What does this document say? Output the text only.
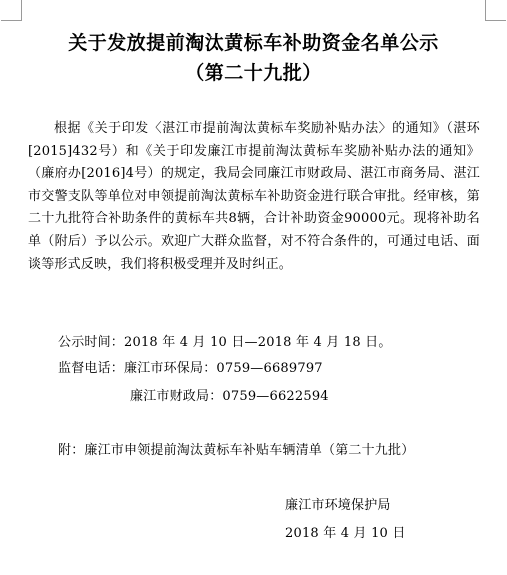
关于发放提前淘汰黄标车补助资金名单公示
（第二十九批）
根据《关于印发〈湛江市提前淘汰黄标车奖励补贴办法〉的通知》（湛环[2015]432号）和《关于印发廉江市提前淘汰黄标车奖励补贴办法的通知》（廉府办[2016]4号）的规定，我局会同廉江市财政局、湛江市商务局、湛江市交警支队等单位对申领提前淘汰黄标车补助资金进行联合审批。经审核，第二十九批符合补助条件的黄标车共8辆，合计补助资金90000元。现将补助名单（附后）予以公示。欢迎广大群众监督，对不符合条件的，可通过电话、面谈等形式反映，我们将积极受理并及时纠正。
公示时间：2018 年 4 月 10 日—2018 年 4 月 18 日。
监督电话：廉江市环保局：0759—6689797
廉江市财政局：0759—6622594
附：廉江市申领提前淘汰黄标车补贴车辆清单（第二十九批）
廉江市环境保护局
2018 年 4 月 10 日
